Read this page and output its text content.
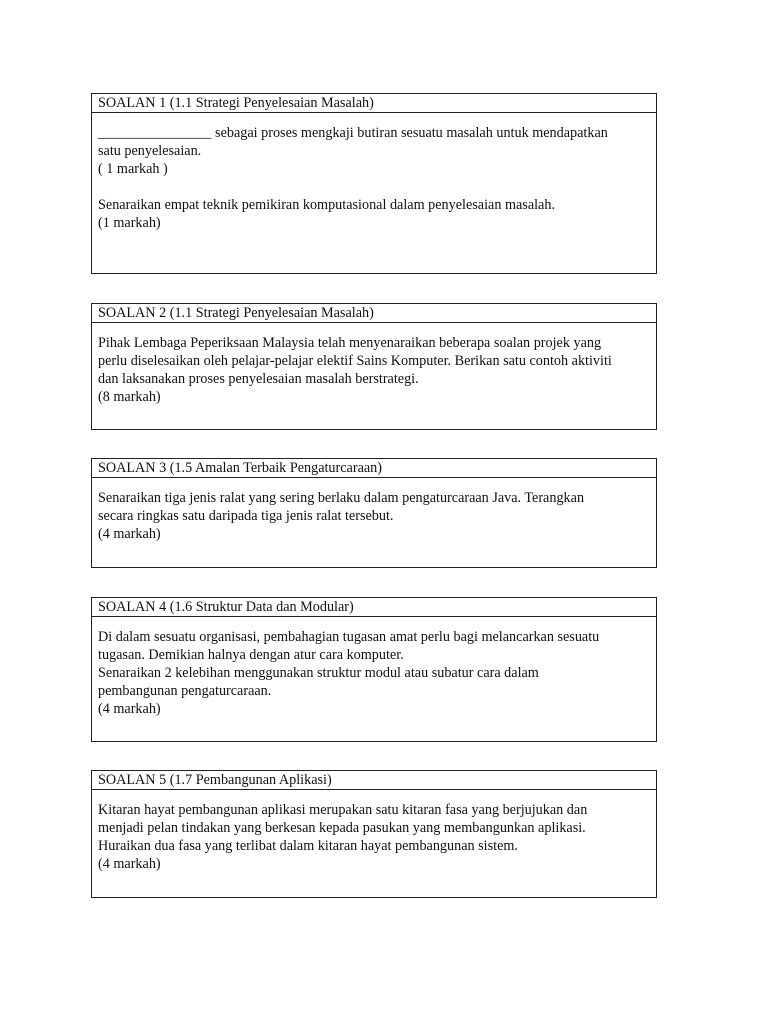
SOALAN 1 (1.1 Strategi Penyelesaian Masalah)
________________ sebagai proses mengkaji butiran sesuatu masalah untuk mendapatkan
satu penyelesaian.
( 1 markah )
Senaraikan empat teknik pemikiran komputasional dalam penyelesaian masalah.
(1 markah)
SOALAN 2 (1.1 Strategi Penyelesaian Masalah)
Pihak Lembaga Peperiksaan Malaysia telah menyenaraikan beberapa soalan projek yang
perlu diselesaikan oleh pelajar-pelajar elektif Sains Komputer. Berikan satu contoh aktiviti
dan laksanakan proses penyelesaian masalah berstrategi.
(8 markah)
SOALAN 3 (1.5 Amalan Terbaik Pengaturcaraan)
Senaraikan tiga jenis ralat yang sering berlaku dalam pengaturcaraan Java. Terangkan
secara ringkas satu daripada tiga jenis ralat tersebut.
(4 markah)
SOALAN 4 (1.6 Struktur Data dan Modular)
Di dalam sesuatu organisasi, pembahagian tugasan amat perlu bagi melancarkan sesuatu
tugasan. Demikian halnya dengan atur cara komputer.
Senaraikan 2 kelebihan menggunakan struktur modul atau subatur cara dalam
pembangunan pengaturcaraan.
(4 markah)
SOALAN 5 (1.7 Pembangunan Aplikasi)
Kitaran hayat pembangunan aplikasi merupakan satu kitaran fasa yang berjujukan dan
menjadi pelan tindakan yang berkesan kepada pasukan yang membangunkan aplikasi.
Huraikan dua fasa yang terlibat dalam kitaran hayat pembangunan sistem.
(4 markah)
